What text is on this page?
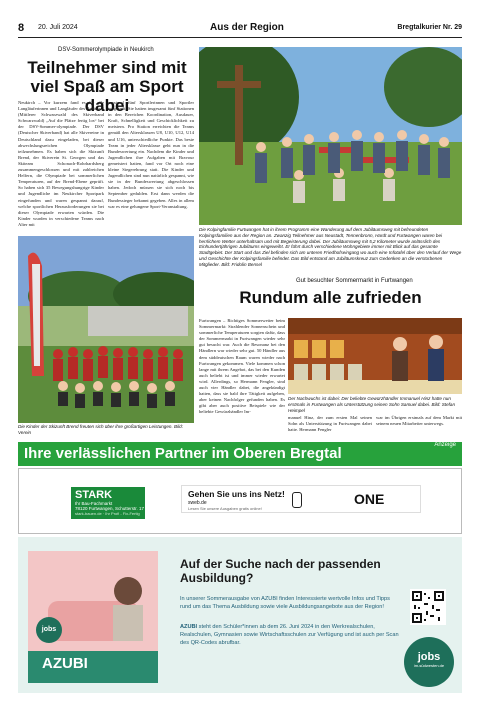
8 20. Juli 2024	Aus der Region	Bregtalkurier Nr. 29
DSV-Sommerolympiade in Neukirch
Teilnehmer sind mit viel Spaß am Sport dabei
Neukirch – Vor kurzem fand es für alle Langläuferinnen und Langläufer des Bezirks 3 (Mittlerer Schwarzwald des Skiverband Schwarzwald) „Auf die Plätze fertig los“ bei der DSV-Sommer-olympiade. Der DSV (Deutscher Skiverband) hat alle Skivereine in Deutschland dazu eingeladen, bei dieser abwechslungsreichen Olympiade teilzunehmen. Es haben sich die Skizunft Brend, der Skiverein St. Georgen und das Skiteam Schonach-Rohrhardsberg zusammengeschlossen und mit zahlreichen Helfern, die Olympiade bei sommerlichen Temperaturen, auf der Brend-Ebene geprüft. So haben sich 35 Bewegungshungrige Kinder und Jugendliche im Neukircher Sportpark eingefunden und waren gespannt darauf, welche sportlichen Herausforderungen sie bei dieser Olympiade erwarten würden. Die Kinder wurden in verschiedene Teams nach Alter mit
maximal fünf Sportlerinnen und Sportler aufgeteilt. Sie hatten insgesamt fünf Stationen in den Bereichen Koordination, Ausdauer, Kraft, Schnelligkeit und Geschicklichkeit zu meistern. Pro Station erreichten die Teams gemäß den Altersklassen U8, U10, U12, U14 und U16, unterschiedliche Punkte. Das beste Team in jeder Altersklasse geht nun in die Bundeswertung ein. Nachdem die Kinder und Jugendlichen ihre Aufgaben mit Bravour gemeistert hatten, fand vor Ort noch eine kleine Siegerehrung statt. Die Kinder und Jugendlichen sind nun natürlich gespannt, wie sie in der Bundeswertung abgeschlossen haben. Jedoch müssen sie sich noch bis September gedulden. Erst dann werden die Bundessieger bekannt gegeben. Alles in allem war es eine gelungene Sport-Veranstaltung.
Die Kinder der Skizunft Brend freuten sich über ihre großartigen Leistungen. Bild: Verein
Die Kolpingfamilie Furtwangen hat in ihrem Programm eine Wanderung auf dem Jubiläumsweg mit befreundeten Kolpingsfamilien aus der Region an. Zwanzig Teilnehmer aus Neustadt, Tennenbronn, Hardt und Furtwangen waren bei herrlichem Wetter unterhaltsam und mit Begeisterung dabei. Der Jubiläumsweg mit 5,2 Kilometer wurde anlässlich des Einhundertjährigen Jubiläums eingeweiht. Er führt durch verschiedene Wohngebiete immer mit Blick auf das gesamte Stadtgebiet. Der Start und das Ziel befinden sich am unteren Friedhofseingang wo auch eine Infotafel über den Verlauf der Wege und Geschichte der Kolpingsfamilie befindet. Das Bild entstand am Jubiläumskreuz zum Gedenken an die verstorbenen Mitglieder. Bild: Fridolin Bensel
Gut besuchter Sommermarkt in Furtwangen
Rundum alle zufrieden
Furtwangen – Richtiges Sommerwetter beim Sommermarkt: Strahlender Sonnenschein und sommerliche Temperaturen sorgten dafür, dass der Sommermarkt in Furtwangen wieder sehr gut besucht war. Auch die Resonanz bei den Händlern war wieder sehr gut. 50 Händler aus dem süddeutschen Raum waren wieder nach Furtwangen gekommen. Viele kommen schon lange mit ihrem Angebot, das bei den Kunden auch beliebt ist und immer wieder erwartet wird. Allerdings, so Hermann Fengler, sind auch vier Händler dabei, die angekündigt hatten, dass sie bald ihre Tätigkeit aufgeben, aber keinen Nachfolger gefunden haben. Es gibt aber auch positive Beispiele wie der beliebte Gewürzhändler Im-
Der Nachwuchs ist dabei: Der beliebte Gewürzhändler Immanuel Hinz hatte nun erstmals in Furtwangen als Unterstützung seinen Sohn Samuel dabei. Bild: Stefan Heimpel
manuel Hinz, der zum ersten Mal seinen Sohn als Unterstützung in Furtwangen dabei hatte. Hermann Fengler
war im Übrigen erstmals auf dem Markt mit seinem neuen Mitarbeiter unterwegs.
Ihre verlässlichen Partner im Oberen Bregtal	Anzeige
STARK
Ihr Bau-Fachmarkt
78120 Furtwangen, Schutterstr. 17
stark-bauen.de · Ihr Profi - Fix-Fertig
Gehen Sie uns ins Netz!
sweb.de
Lesen Sie unsere Ausgaben gratis online!
ONE
jobs
AZUBI
Auf der Suche nach der passenden Ausbildung?
In unserer Sommerausgabe von AZUBI finden Interessierte wertvolle Infos und Tipps rund um das Thema Ausbildung sowie viele Ausbildungsangebote aus der Region!
AZUBI steht den Schüler*innen ab dem 26. Juni 2024 in den Werkrealschulen, Realschulen, Gymnasien sowie Wirtschaftsschulen zur Verfügung und ist auch per Scan des QR-Codes abrufbar.
jobs
im-südwesten.de
